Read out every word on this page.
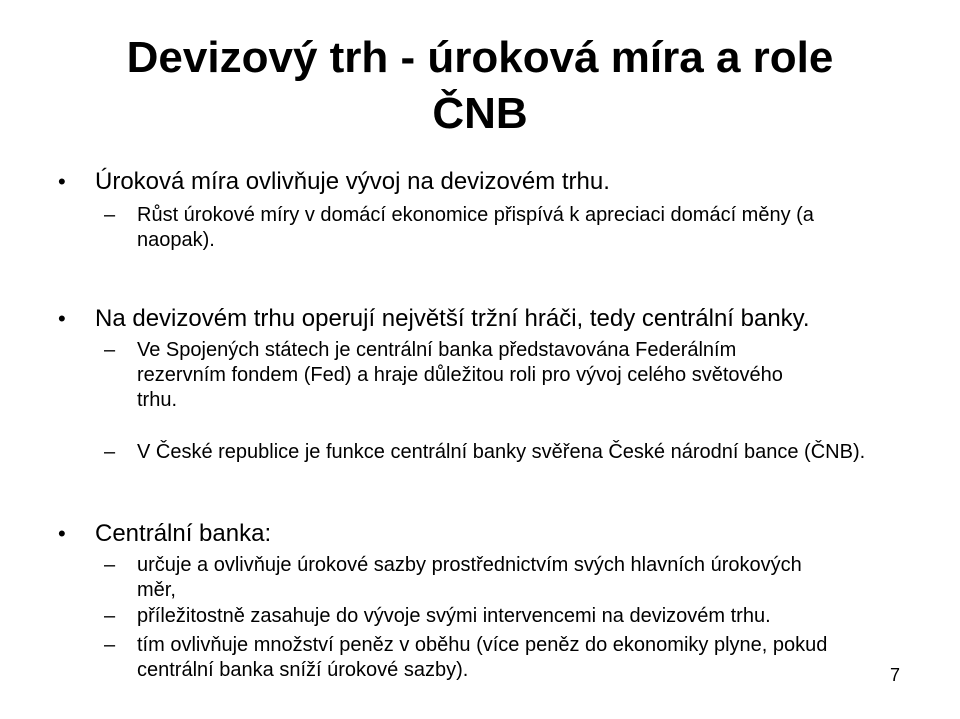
Devizový trh - úroková míra a role
ČNB
• Úroková míra ovlivňuje vývoj na devizovém trhu.
– Růst úrokové míry v domácí ekonomice přispívá k apreciaci domácí měny (a naopak).
• Na devizovém trhu operují největší tržní hráči, tedy centrální banky.
– Ve Spojených státech je centrální banka představována Federálním rezervním fondem (Fed) a hraje důležitou roli pro vývoj celého světového trhu.
– V České republice je funkce centrální banky svěřena České národní bance (ČNB).
• Centrální banka:
– určuje a ovlivňuje úrokové sazby prostřednictvím svých hlavních úrokových měr,
– příležitostně zasahuje do vývoje svými intervencemi na devizovém trhu.
– tím ovlivňuje množství peněz v oběhu (více peněz do ekonomiky plyne, pokud centrální banka sníží úrokové sazby).	7
